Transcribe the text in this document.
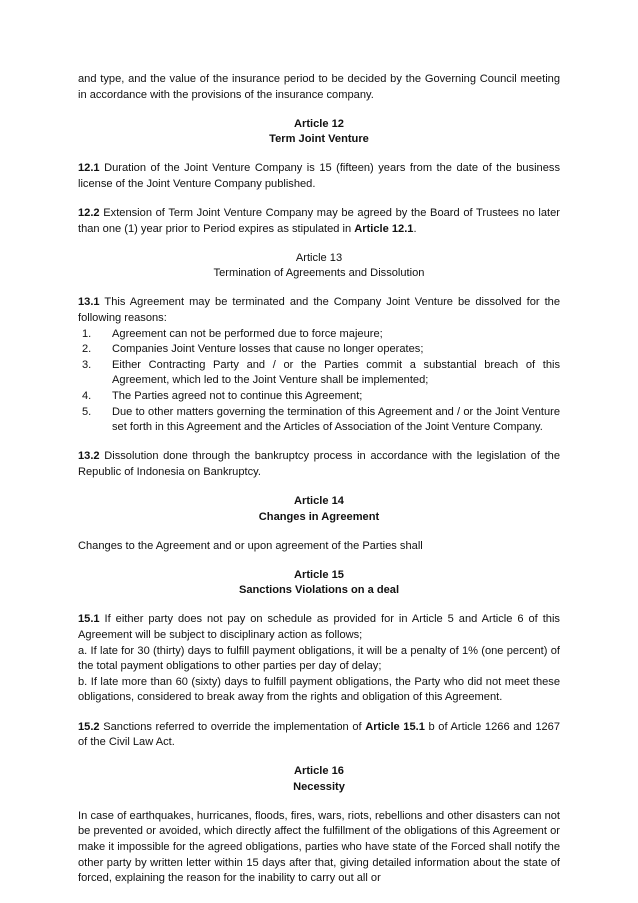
and type, and the value of the insurance period to be decided by the Governing Council meeting in accordance with the provisions of the insurance company.

Article 12

Term Joint Venture

12.1 Duration of the Joint Venture Company is 15 (fifteen) years from the date of the business license of the Joint Venture Company published.

12.2 Extension of Term Joint Venture Company may be agreed by the Board of Trustees no later than one (1) year prior to Period expires as stipulated in Article 12.1.

Article 13

Termination of Agreements and Dissolution

13.1 This Agreement may be terminated and the Company Joint Venture be dissolved for the following reasons:

1. Agreement can not be performed due to force majeure;
2. Companies Joint Venture losses that cause no longer operates;
3. Either Contracting Party and / or the Parties commit a substantial breach of this Agreement, which led to the Joint Venture shall be implemented;
4. The Parties agreed not to continue this Agreement;
5. Due to other matters governing the termination of this Agreement and / or the Joint Venture set forth in this Agreement and the Articles of Association of the Joint Venture Company.

13.2 Dissolution done through the bankruptcy process in accordance with the legislation of the Republic of Indonesia on Bankruptcy.

Article 14

Changes in Agreement

Changes to the Agreement and or upon agreement of the Parties shall

Article 15

Sanctions Violations on a deal

15.1 If either party does not pay on schedule as provided for in Article 5 and Article 6 of this Agreement will be subject to disciplinary action as follows;

a. If late for 30 (thirty) days to fulfill payment obligations, it will be a penalty of 1% (one percent) of the total payment obligations to other parties per day of delay;

b. If late more than 60 (sixty) days to fulfill payment obligations, the Party who did not meet these obligations, considered to break away from the rights and obligation of this Agreement.

15.2 Sanctions referred to override the implementation of Article 15.1 b of Article 1266 and 1267 of the Civil Law Act.

Article 16

Necessity

In case of earthquakes, hurricanes, floods, fires, wars, riots, rebellions and other disasters can not be prevented or avoided, which directly affect the fulfillment of the obligations of this Agreement or make it impossible for the agreed obligations, parties who have state of the Forced shall notify the other party by written letter within 15 days after that, giving detailed information about the state of forced, explaining the reason for the inability to carry out all or
